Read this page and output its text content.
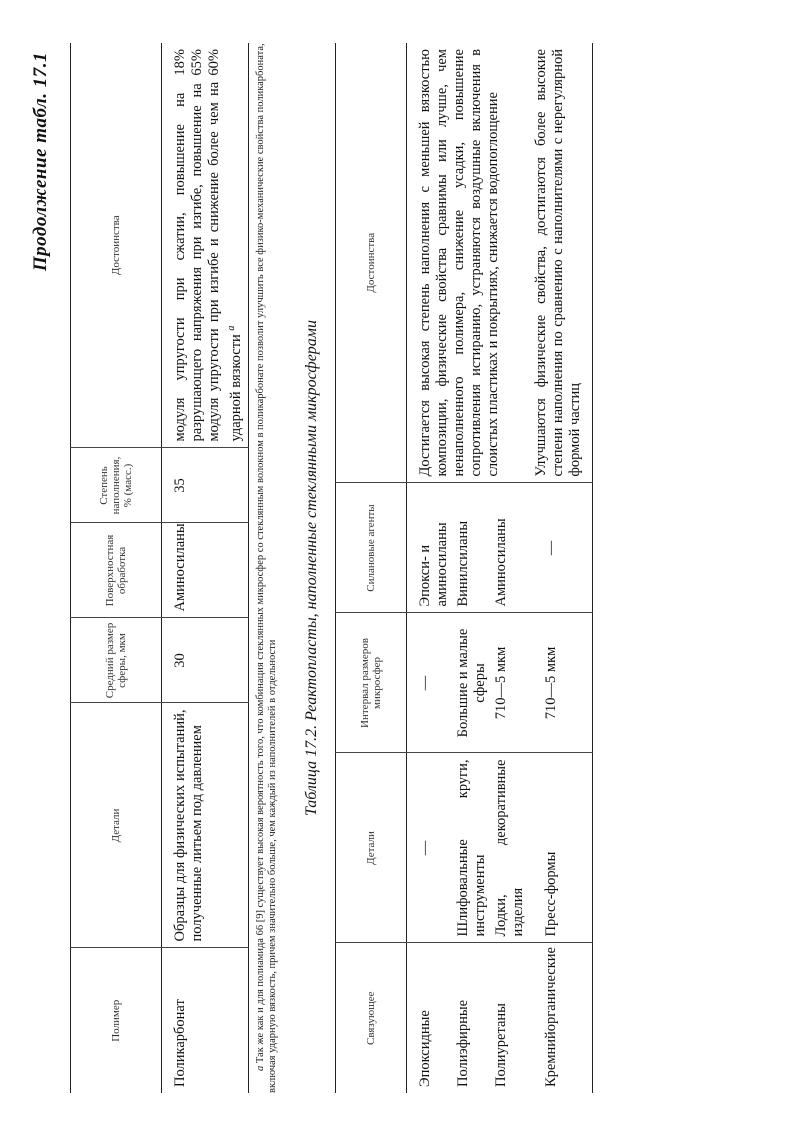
Продолжение табл. 17.1
Полимер	Детали	Средний размер сферы, мкм	Поверхностная обработка	Степень наполнения, % (масс.)	Достоинства
Поликарбонат	Образцы для физических испытаний, полученные литьем под давлением	30	Аминосиланы	35	модуля упругости при сжатии, повышение на 18% разрушающего напряжения при изгибе, повышение на 65% модуля упругости при изгибе и снижение более чем на 60% ударной вязкости $^а$

а Так же как и для полиамида 66 [9] существует высокая вероятность того, что комбинация стеклянных микросфер со стеклянным волокном в поликарбонате позволит улучшить все физико-механические свойства поликарбоната, включая ударную вязкость, причем значительно больше, чем каждый из наполнителей в отдельности

Таблица 17.2. Реактопласты, наполненные стеклянными микросферами
Связующее	Детали	Интервал размеров микросфер	Силановые агенты	Достоинства
Эпоксидные	—	—	Эпокси- и аминосиланы	Достигается высокая степень наполнения с меньшей вязкостью композиции, физические свойства сравнимы или лучше, чем ненаполненного полимера, снижение усадки, повышение сопротивления истиранию, устраняются воздушные включения в слоистых пластиках и покрытиях, снижается водопоглощение
Полиэфирные	Шлифовальные круги, инструменты	Большие и малые сферы	Винилсиланы	
Полиуретаны	Лодки, декоративные изделия	710—5 мкм	Аминосиланы	
Кремнийорганические	Пресс-формы	710—5 мкм	—	Улучшаются физические свойства, достигаются более высокие степени наполнения по сравнению с наполнителями с нерегулярной формой частиц
